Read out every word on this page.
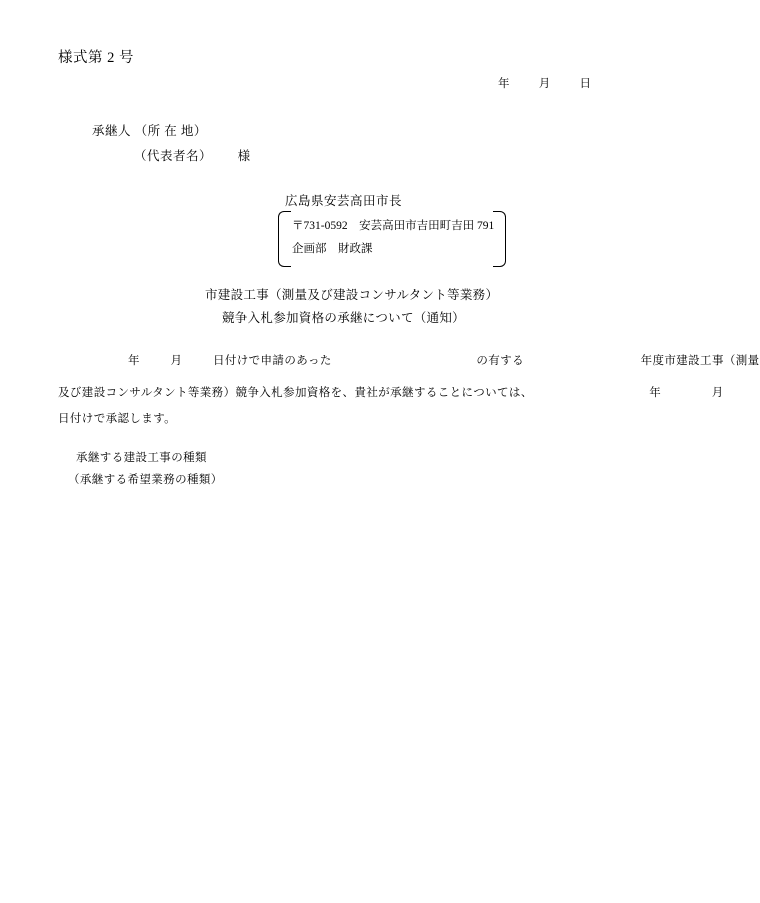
様式第 2 号
年	月	日
承継人 （所 在 地）
（代表者名） 様
広島県安芸高田市長
〒731-0592　安芸高田市吉田町吉田 791
企画部　財政課
市建設工事（測量及び建設コンサルタント等業務）
競争入札参加資格の承継について（通知）
年	月	日付けで申請のあった	の有する	年度市建設工事（測量
及び建設コンサルタント等業務）競争入札参加資格を、貴社が承継することについては、	年	月
日付けで承認します。
承継する建設工事の種類
（承継する希望業務の種類）
